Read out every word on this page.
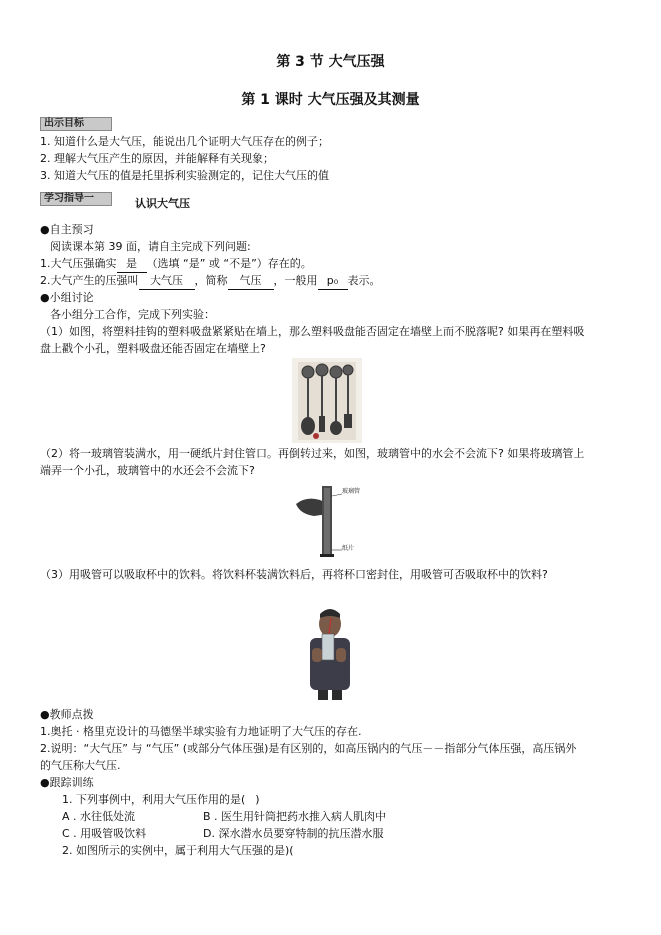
第 3 节 大气压强
第 1 课时 大气压强及其测量
出示目标
1. 知道什么是大气压，能说出几个证明大气压存在的例子；
2. 理解大气压产生的原因，并能解释有关现象；
3. 知道大气压的值是托里拆利实验测定的，记住大气压的值
学习指导一	认识大气压
● 自主预习
阅读课本第 39 面，请自主完成下列问题:
1.大气压强确实 是 （选填 “是” 或 “不是”）存在的。
2.大气产生的压强叫 大气压 ，简称 气压 ，一般用 p₀ 表示。
● 小组讨论
各小组分工合作，完成下列实验：
（1）如图，将塑料挂钩的塑料吸盘紧紧贴在墙上，那么塑料吸盘能否固定在墙壁上而不脱落呢? 如果再在塑料吸
盘上戳个小孔，塑料吸盘还能否固定在墙壁上?
（2）将一玻璃管装满水，用一硬纸片封住管口。再倒转过来，如图，玻璃管中的水会不会流下? 如果将玻璃管上
端弄一个小孔，玻璃管中的水还会不会流下?
玻璃管
纸片
（3）用吸管可以吸取杯中的饮料。将饮料杯装满饮料后，再将杯口密封住，用吸管可否吸取杯中的饮料?
● 教师点拨
1.奥托 · 格里克设计的马德堡半球实验有力地证明了大气压的存在.
2.说明：“大气压” 与 “气压” (或部分气体压强)是有区别的，如高压锅内的气压－－指部分气体压强，高压锅外
的气压称大气压.
● 跟踪训练
1. 下列事例中，利用大气压作用的是( )
A . 水往低处流	B . 医生用针筒把药水推入病人肌肉中
C . 用吸管吸饮料	D. 深水潜水员要穿特制的抗压潜水服
2. 如图所示的实例中，属于利用大气压强的是)(
